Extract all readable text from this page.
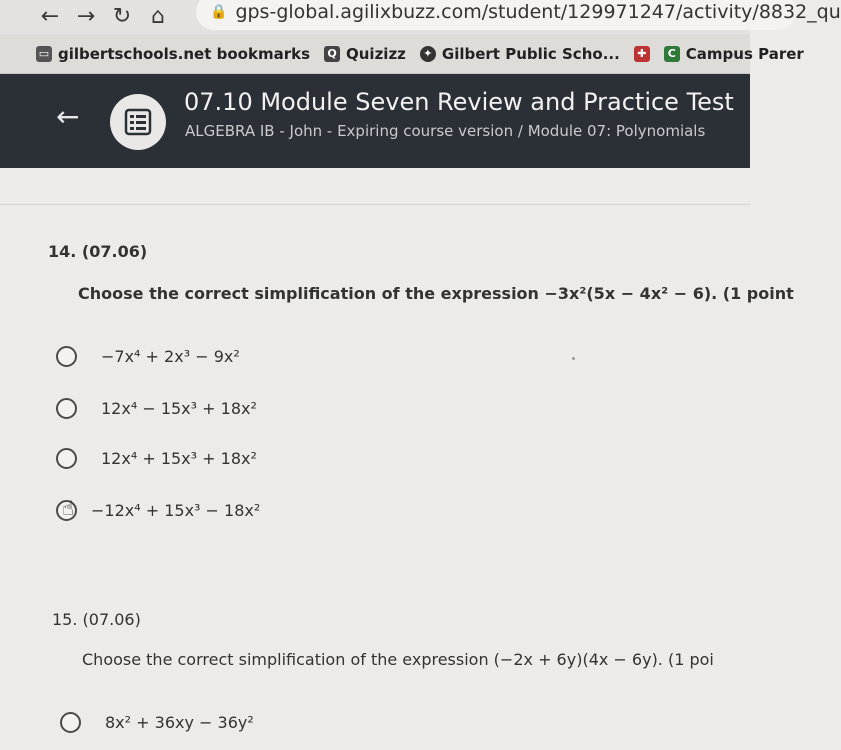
← → ↻ ⌂	🔒 gps-global.agilixbuzz.com/student/129971247/activity/8832_qu
▭ gilbertschools.net bookmarks	Q Quizizz	✦ Gilbert Public Scho...	✚	C Campus Parer
←	07.10 Module Seven Review and Practice Test
ALGEBRA IB - John - Expiring course version / Module 07: Polynomials
14. (07.06)
Choose the correct simplification of the expression −3x²(5x − 4x² − 6). (1 point
−7x⁴ + 2x³ − 9x²
12x⁴ − 15x³ + 18x²
12x⁴ + 15x³ + 18x²
☝ −12x⁴ + 15x³ − 18x²
15. (07.06)
Choose the correct simplification of the expression (−2x + 6y)(4x − 6y). (1 poi
8x² + 36xy − 36y²
